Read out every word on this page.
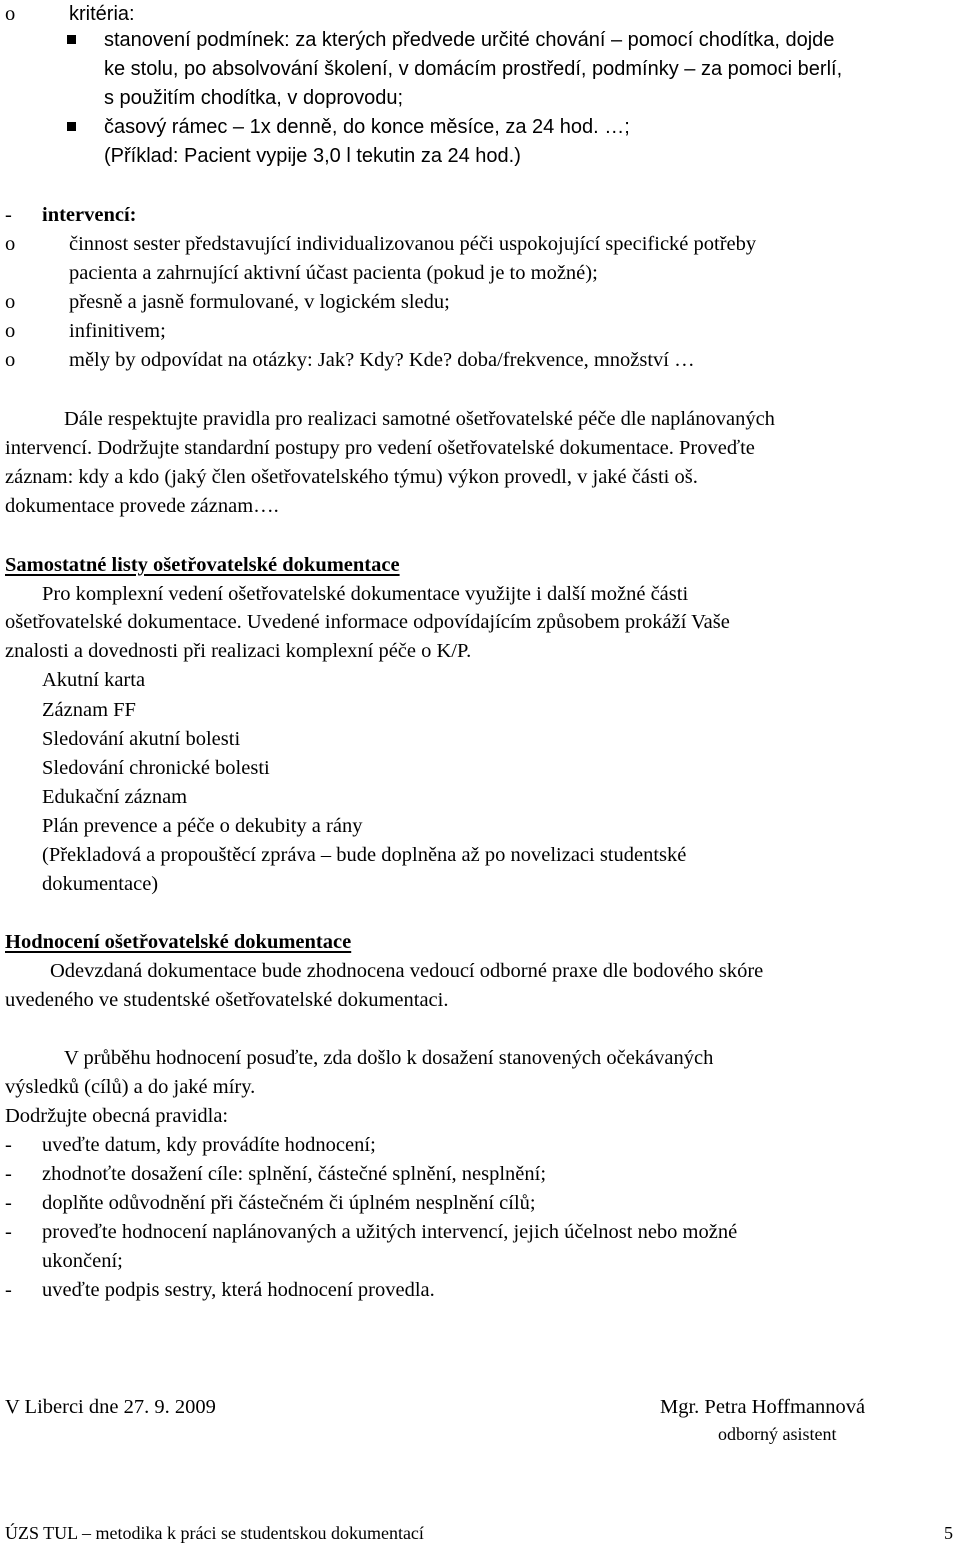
o	kritéria:
stanovení podmínek: za kterých předvede určité chování – pomocí chodítka, dojde
ke stolu, po absolvování školení, v domácím prostředí, podmínky – za pomoci berlí,
s použitím chodítka, v doprovodu;
časový rámec – 1x denně, do konce měsíce, za 24 hod. …;
(Příklad: Pacient vypije 3,0 l tekutin za 24 hod.)
- intervencí:
o	činnost sester představující individualizovanou péči uspokojující specifické potřeby
pacienta a zahrnující aktivní účast pacienta (pokud je to možné);
o	přesně a jasně formulované, v logickém sledu;
o	infinitivem;
o	měly by odpovídat na otázky: Jak? Kdy? Kde? doba/frekvence, množství …
Dále respektujte pravidla pro realizaci samotné ošetřovatelské péče dle naplánovaných
intervencí. Dodržujte standardní postupy pro vedení ošetřovatelské dokumentace. Proveďte
záznam: kdy a kdo (jaký člen ošetřovatelského týmu) výkon provedl, v jaké části oš.
dokumentace provede záznam….
Samostatné listy ošetřovatelské dokumentace
Pro komplexní vedení ošetřovatelské dokumentace využijte i další možné části
ošetřovatelské dokumentace. Uvedené informace odpovídajícím způsobem prokáží Vaše
znalosti a dovednosti při realizaci komplexní péče o K/P.
Akutní karta
Záznam FF
Sledování akutní bolesti
Sledování chronické bolesti
Edukační záznam
Plán prevence a péče o dekubity a rány
(Překladová a propouštěcí zpráva – bude doplněna až po novelizaci studentské
dokumentace)
Hodnocení ošetřovatelské dokumentace
Odevzdaná dokumentace bude zhodnocena vedoucí odborné praxe dle bodového skóre
uvedeného ve studentské ošetřovatelské dokumentaci.
V průběhu hodnocení posuďte, zda došlo k dosažení stanovených očekávaných
výsledků (cílů) a do jaké míry.
Dodržujte obecná pravidla:
- uveďte datum, kdy provádíte hodnocení;
- zhodnoťte dosažení cíle: splnění, částečné splnění, nesplnění;
- doplňte odůvodnění při částečném či úplném nesplnění cílů;
- proveďte hodnocení naplánovaných a užitých intervencí, jejich účelnost nebo možné
ukončení;
- uveďte podpis sestry, která hodnocení provedla.
V Liberci dne 27. 9. 2009	Mgr. Petra Hoffmannová
odborný asistent
ÚZS TUL – metodika k práci se studentskou dokumentací	5
